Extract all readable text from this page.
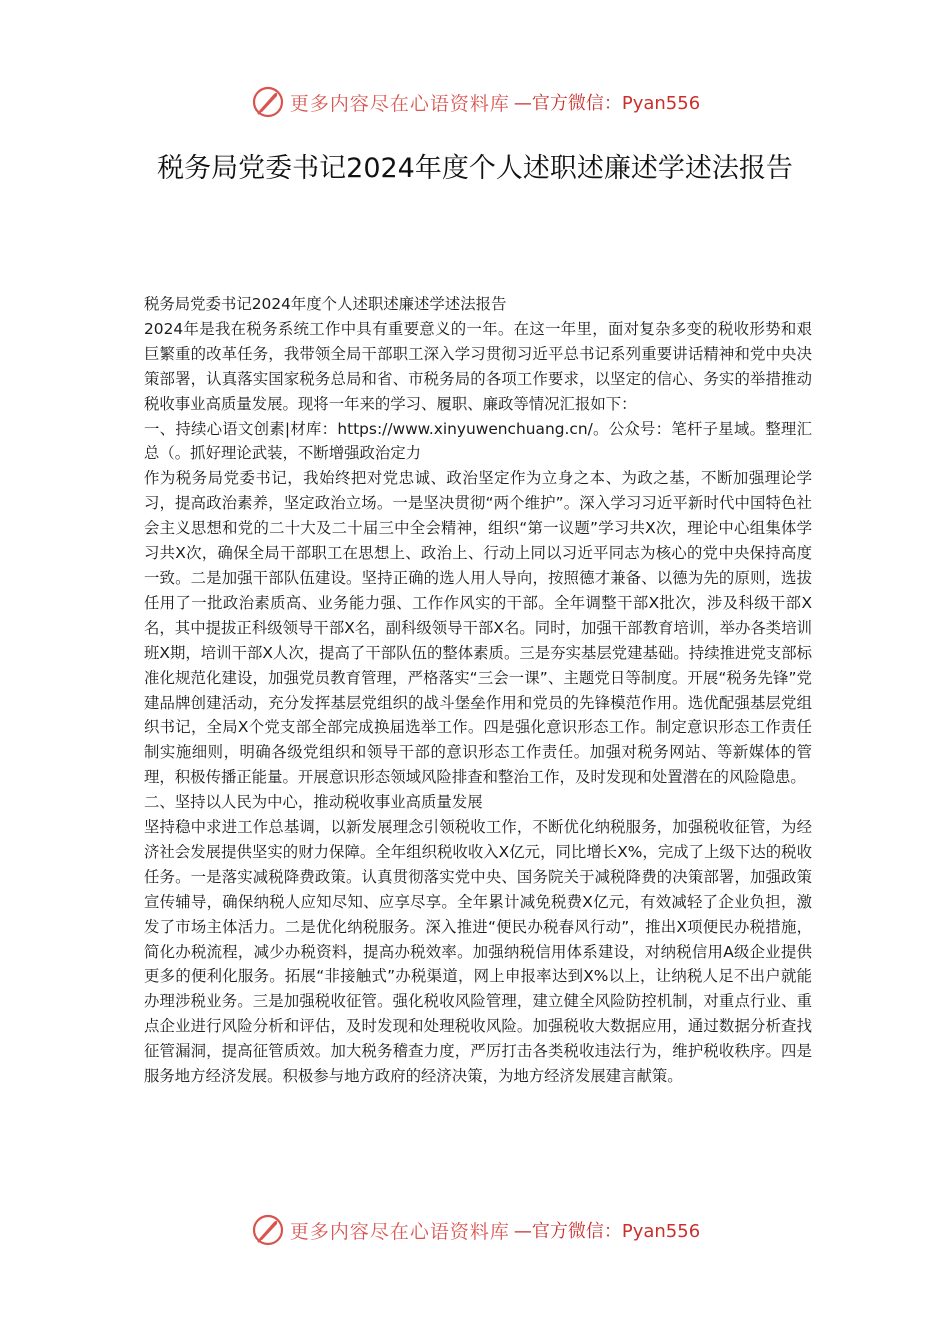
更多内容尽在心语资料库 —官方微信：Pyan556
税务局党委书记2024年度个人述职述廉述学述法报告

税务局党委书记2024年度个人述职述廉述学述法报告

2024年是我在税务系统工作中具有重要意义的一年。在这一年里，面对复杂多变的税收形势和艰巨繁重的改革任务，我带领全局干部职工深入学习贯彻习近平总书记系列重要讲话精神和党中央决策部署，认真落实国家税务总局和省、市税务局的各项工作要求，以坚定的信心、务实的举措推动税收事业高质量发展。现将一年来的学习、履职、廉政等情况汇报如下：

一、持续心语文创素|材库：https://www.xinyuwenchuang.cn/。公众号：笔杆子星域。整理汇总（。抓好理论武装，不断增强政治定力

作为税务局党委书记，我始终把对党忠诚、政治坚定作为立身之本、为政之基，不断加强理论学习，提高政治素养，坚定政治立场。一是坚决贯彻“两个维护”。深入学习习近平新时代中国特色社会主义思想和党的二十大及二十届三中全会精神，组织“第一议题”学习共X次，理论中心组集体学习共X次，确保全局干部职工在思想上、政治上、行动上同以习近平同志为核心的党中央保持高度一致。二是加强干部队伍建设。坚持正确的选人用人导向，按照德才兼备、以德为先的原则，选拔任用了一批政治素质高、业务能力强、工作作风实的干部。全年调整干部X批次，涉及科级干部X名，其中提拔正科级领导干部X名，副科级领导干部X名。同时，加强干部教育培训，举办各类培训班X期，培训干部X人次，提高了干部队伍的整体素质。三是夯实基层党建基础。持续推进党支部标准化规范化建设，加强党员教育管理，严格落实“三会一课”、主题党日等制度。开展“税务先锋”党建品牌创建活动，充分发挥基层党组织的战斗堡垒作用和党员的先锋模范作用。选优配强基层党组织书记，全局X个党支部全部完成换届选举工作。四是强化意识形态工作。制定意识形态工作责任制实施细则，明确各级党组织和领导干部的意识形态工作责任。加强对税务网站、等新媒体的管理，积极传播正能量。开展意识形态领域风险排查和整治工作，及时发现和处置潜在的风险隐患。

二、坚持以人民为中心，推动税收事业高质量发展

坚持稳中求进工作总基调，以新发展理念引领税收工作，不断优化纳税服务，加强税收征管，为经济社会发展提供坚实的财力保障。全年组织税收收入X亿元，同比增长X%，完成了上级下达的税收任务。一是落实减税降费政策。认真贯彻落实党中央、国务院关于减税降费的决策部署，加强政策宣传辅导，确保纳税人应知尽知、应享尽享。全年累计减免税费X亿元，有效减轻了企业负担，激发了市场主体活力。二是优化纳税服务。深入推进“便民办税春风行动”，推出X项便民办税措施，简化办税流程，减少办税资料，提高办税效率。加强纳税信用体系建设，对纳税信用A级企业提供更多的便利化服务。拓展“非接触式”办税渠道，网上申报率达到X%以上，让纳税人足不出户就能办理涉税业务。三是加强税收征管。强化税收风险管理，建立健全风险防控机制，对重点行业、重点企业进行风险分析和评估，及时发现和处理税收风险。加强税收大数据应用，通过数据分析查找征管漏洞，提高征管质效。加大税务稽查力度，严厉打击各类税收违法行为，维护税收秩序。四是服务地方经济发展。积极参与地方政府的经济决策，为地方经济发展建言献策。

更多内容尽在心语资料库 —官方微信：Pyan556
